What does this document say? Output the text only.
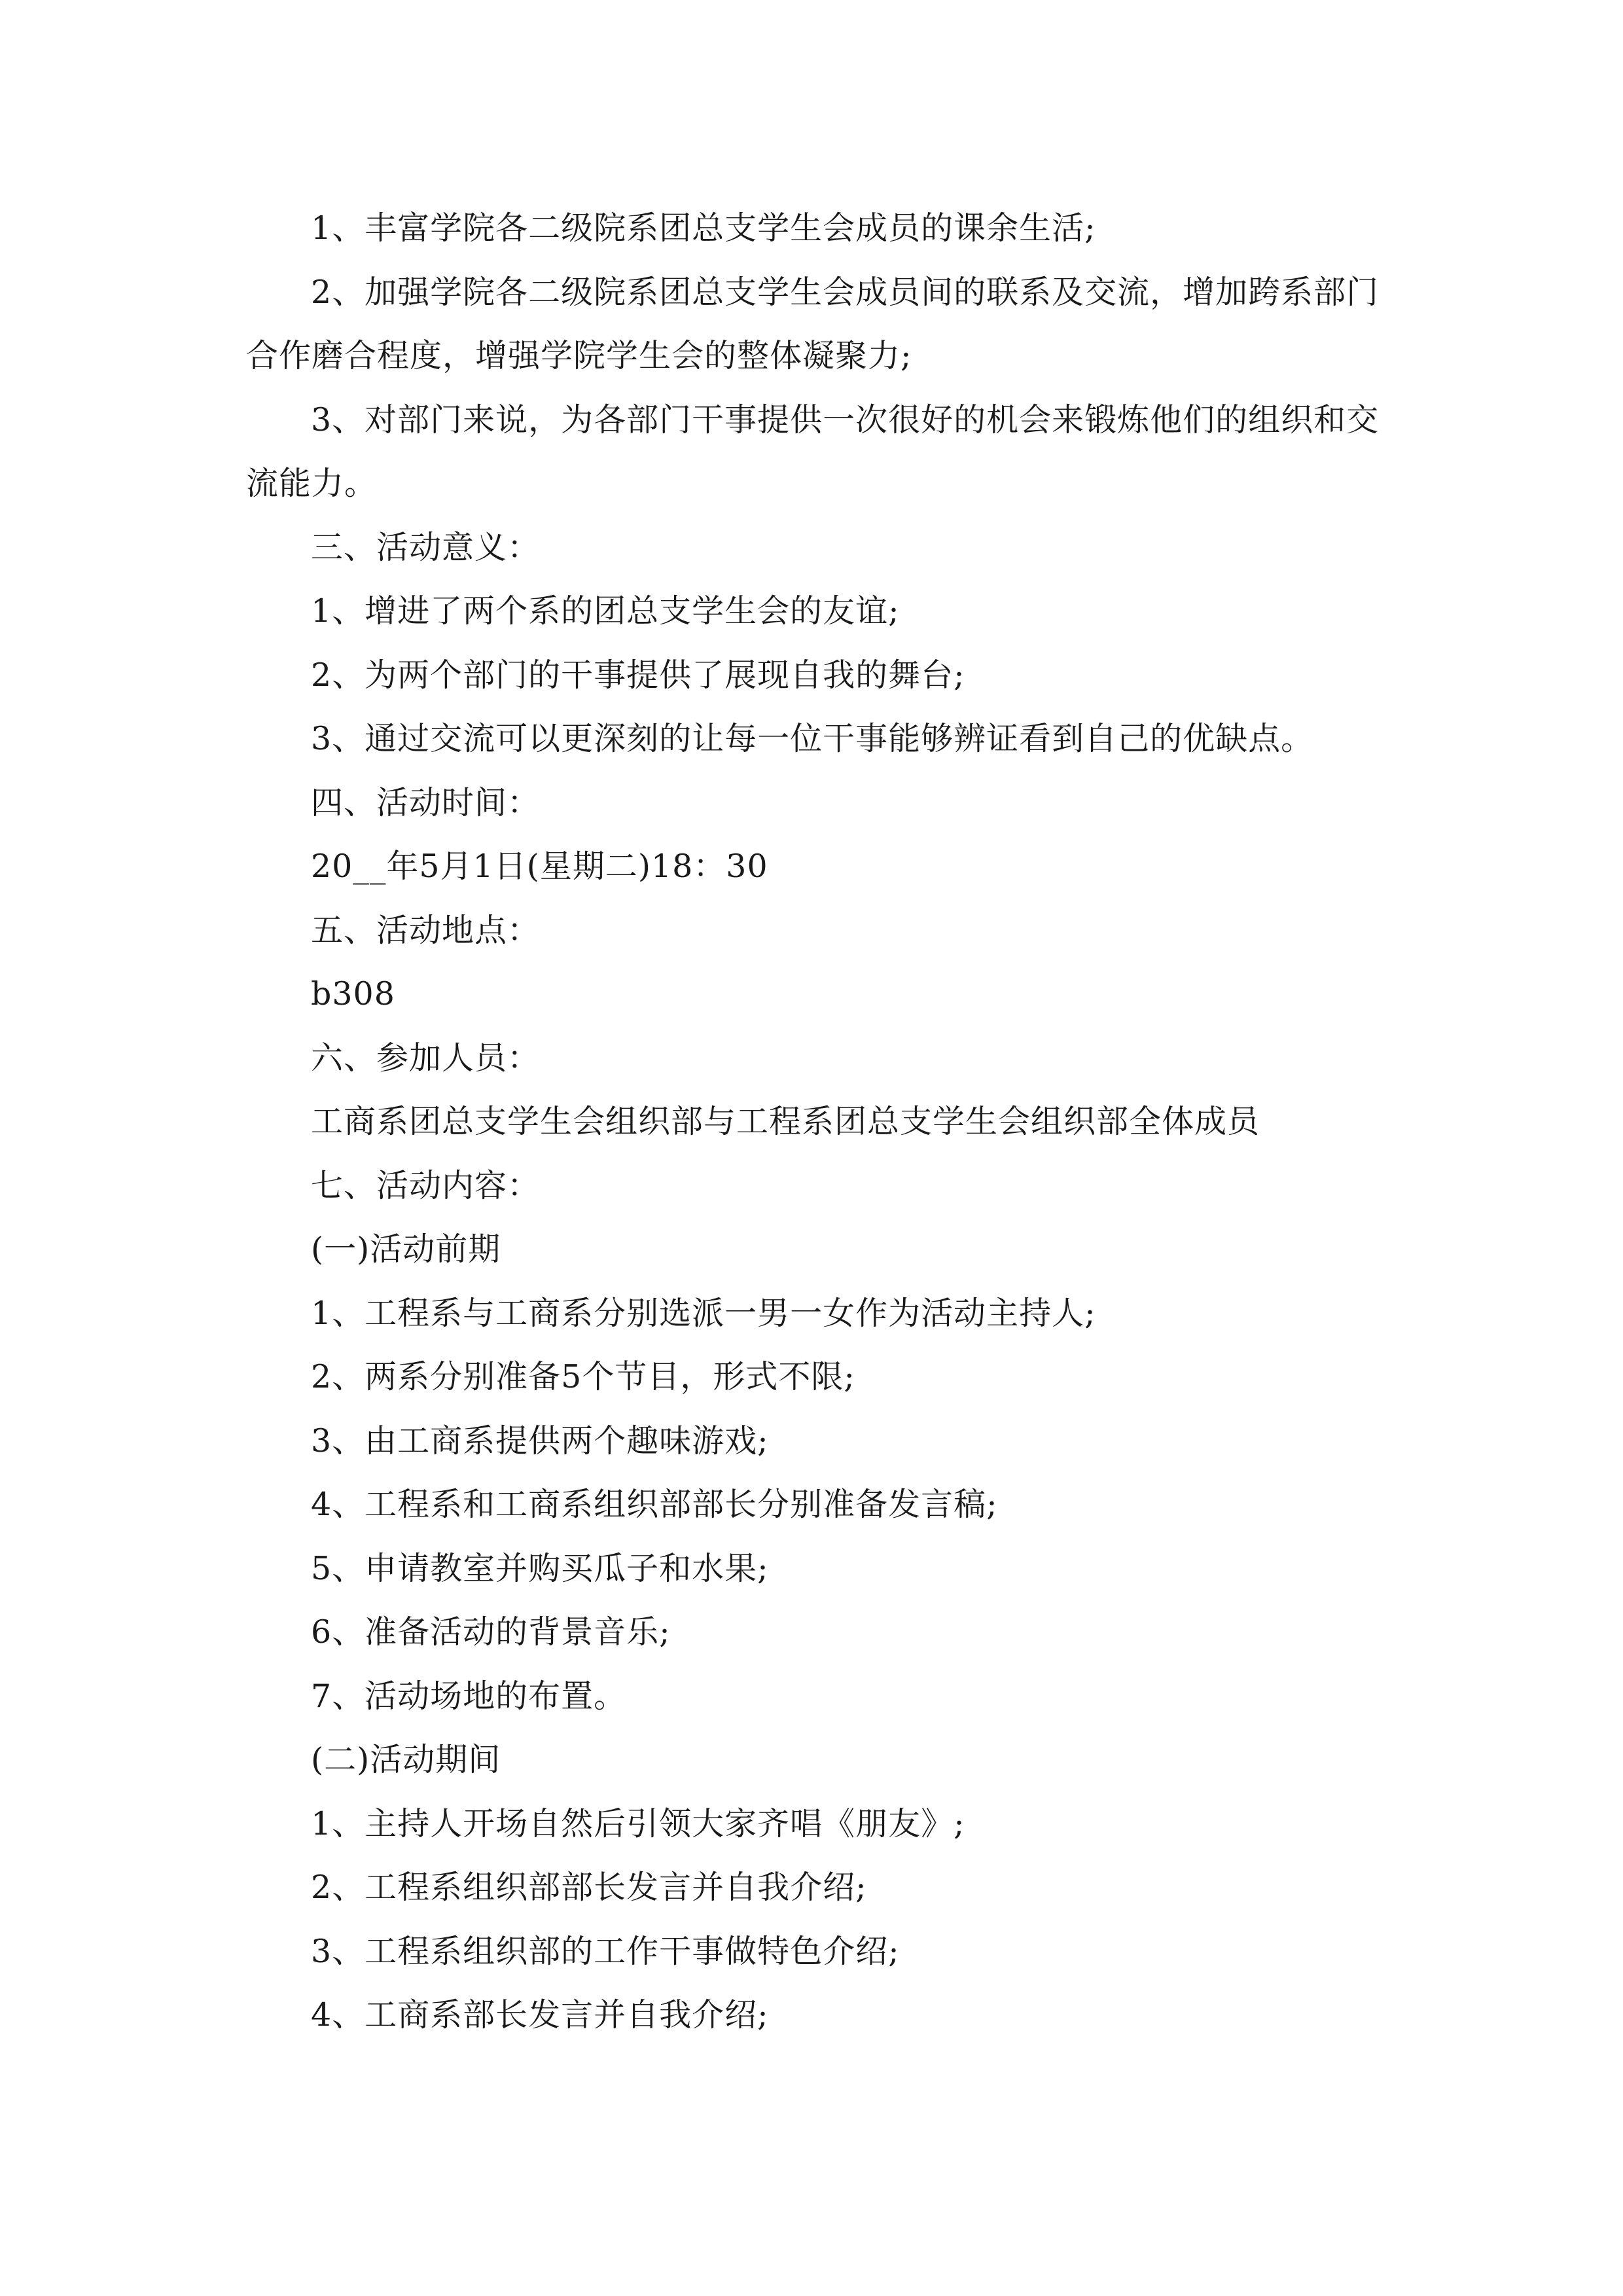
1、丰富学院各二级院系团总支学生会成员的课余生活;

2、加强学院各二级院系团总支学生会成员间的联系及交流，增加跨系部门合作磨合程度，增强学院学生会的整体凝聚力;

3、对部门来说，为各部门干事提供一次很好的机会来锻炼他们的组织和交流能力。

三、活动意义：

1、增进了两个系的团总支学生会的友谊;

2、为两个部门的干事提供了展现自我的舞台;

3、通过交流可以更深刻的让每一位干事能够辨证看到自己的优缺点。

四、活动时间：

20__年5月1日(星期二)18：30

五、活动地点：

b308

六、参加人员：

工商系团总支学生会组织部与工程系团总支学生会组织部全体成员

七、活动内容：

(一)活动前期

1、工程系与工商系分别选派一男一女作为活动主持人;

2、两系分别准备5个节目，形式不限;

3、由工商系提供两个趣味游戏;

4、工程系和工商系组织部部长分别准备发言稿;

5、申请教室并购买瓜子和水果;

6、准备活动的背景音乐;

7、活动场地的布置。

(二)活动期间

1、主持人开场自然后引领大家齐唱《朋友》;

2、工程系组织部部长发言并自我介绍;

3、工程系组织部的工作干事做特色介绍;

4、工商系部长发言并自我介绍;
